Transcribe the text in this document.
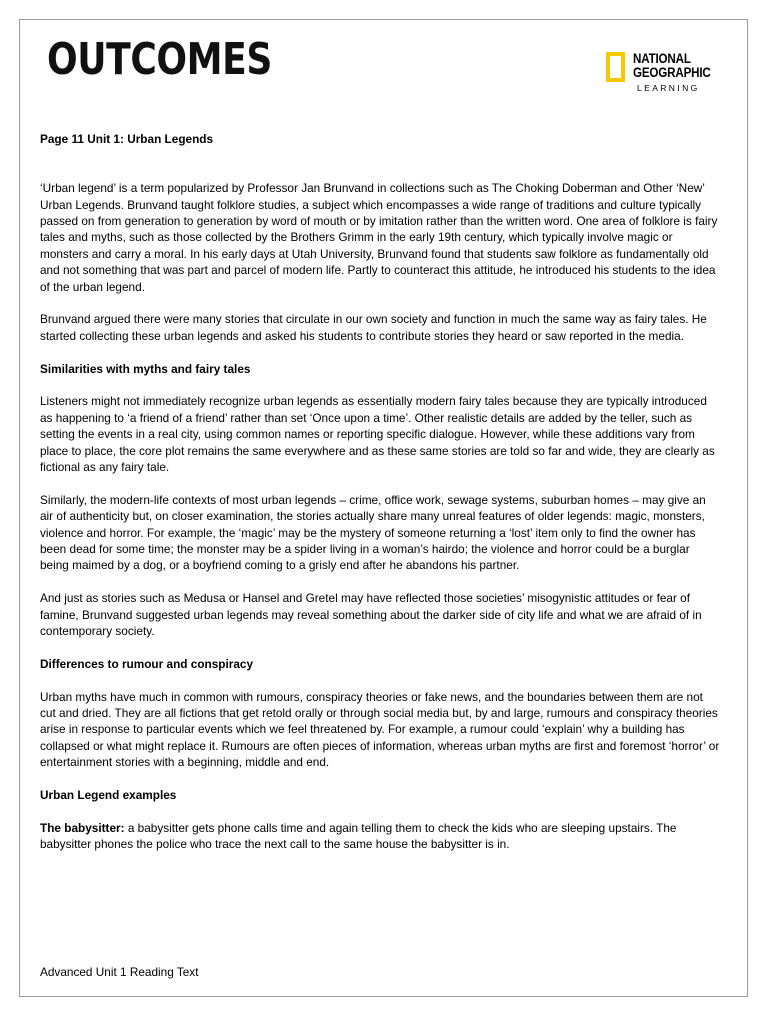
OUTCOMES	NATIONAL
GEOGRAPHIC
LEARNING

Page 11 Unit 1: Urban Legends

‘Urban legend’ is a term popularized by Professor Jan Brunvand in collections such as The Choking Doberman and Other ‘New’ Urban Legends. Brunvand taught folklore studies, a subject which encompasses a wide range of traditions and culture typically passed on from generation to generation by word of mouth or by imitation rather than the written word. One area of folklore is fairy tales and myths, such as those collected by the Brothers Grimm in the early 19th century, which typically involve magic or monsters and carry a moral. In his early days at Utah University, Brunvand found that students saw folklore as fundamentally old and not something that was part and parcel of modern life. Partly to counteract this attitude, he introduced his students to the idea of the urban legend.

Brunvand argued there were many stories that circulate in our own society and function in much the same way as fairy tales. He started collecting these urban legends and asked his students to contribute stories they heard or saw reported in the media.

Similarities with myths and fairy tales

Listeners might not immediately recognize urban legends as essentially modern fairy tales because they are typically introduced as happening to ‘a friend of a friend’ rather than set ‘Once upon a time’. Other realistic details are added by the teller, such as setting the events in a real city, using common names or reporting specific dialogue. However, while these additions vary from place to place, the core plot remains the same everywhere and as these same stories are told so far and wide, they are clearly as fictional as any fairy tale.

Similarly, the modern-life contexts of most urban legends – crime, office work, sewage systems, suburban homes – may give an air of authenticity but, on closer examination, the stories actually share many unreal features of older legends: magic, monsters, violence and horror. For example, the ‘magic’ may be the mystery of someone returning a ‘lost’ item only to find the owner has been dead for some time; the monster may be a spider living in a woman’s hairdo; the violence and horror could be a burglar being maimed by a dog, or a boyfriend coming to a grisly end after he abandons his partner.

And just as stories such as Medusa or Hansel and Gretel may have reflected those societies’ misogynistic attitudes or fear of famine, Brunvand suggested urban legends may reveal something about the darker side of city life and what we are afraid of in contemporary society.

Differences to rumour and conspiracy

Urban myths have much in common with rumours, conspiracy theories or fake news, and the boundaries between them are not cut and dried. They are all fictions that get retold orally or through social media but, by and large, rumours and conspiracy theories arise in response to particular events which we feel threatened by. For example, a rumour could ‘explain’ why a building has collapsed or what might replace it. Rumours are often pieces of information, whereas urban myths are first and foremost ‘horror’ or entertainment stories with a beginning, middle and end.

Urban Legend examples

The babysitter: a babysitter gets phone calls time and again telling them to check the kids who are sleeping upstairs. The babysitter phones the police who trace the next call to the same house the babysitter is in.

Advanced Unit 1 Reading Text
